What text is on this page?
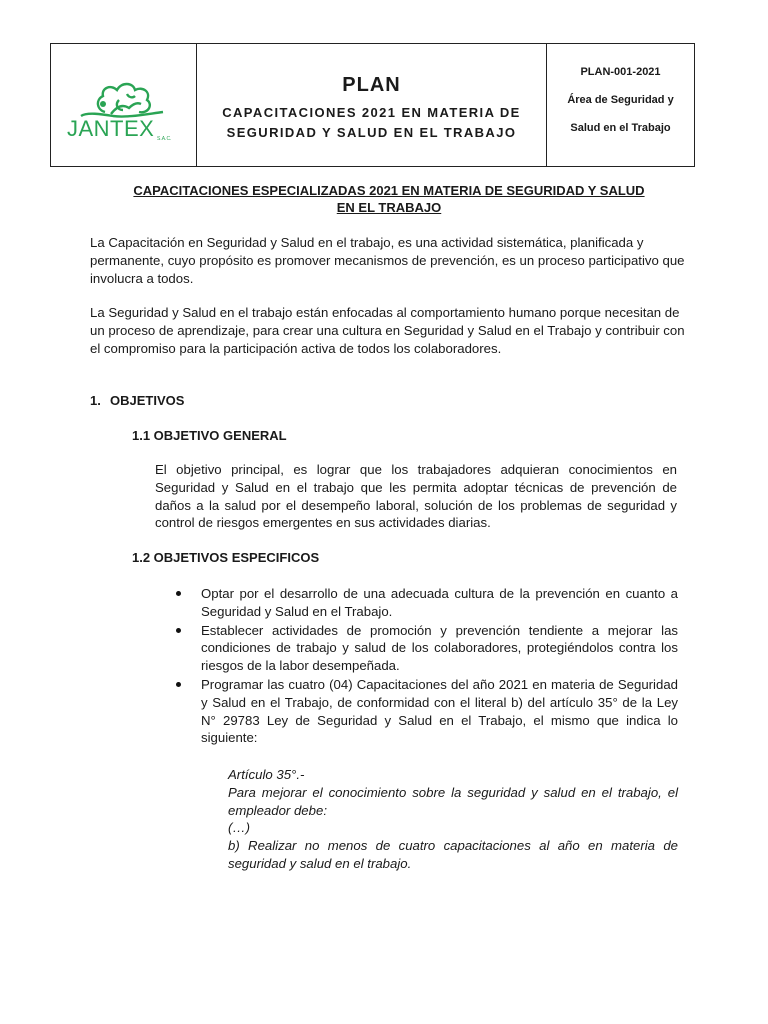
JANTEX S.A.C.
PLAN
CAPACITACIONES 2021 EN MATERIA DE
SEGURIDAD Y SALUD EN EL TRABAJO
PLAN-001-2021
Área de Seguridad y
Salud en el Trabajo
CAPACITACIONES ESPECIALIZADAS 2021 EN MATERIA DE SEGURIDAD Y SALUD
EN EL TRABAJO
La Capacitación en Seguridad y Salud en el trabajo, es una actividad sistemática, planificada y permanente, cuyo propósito es promover mecanismos de prevención, es un proceso participativo que involucra a todos.
La Seguridad y Salud en el trabajo están enfocadas al comportamiento humano porque necesitan de un proceso de aprendizaje, para crear una cultura en Seguridad y Salud en el Trabajo y contribuir con el compromiso para la participación activa de todos los colaboradores.
1. OBJETIVOS
1.1 OBJETIVO GENERAL
El objetivo principal, es lograr que los trabajadores adquieran conocimientos en Seguridad y Salud en el trabajo que les permita adoptar técnicas de prevención de daños a la salud por el desempeño laboral, solución de los problemas de seguridad y control de riesgos emergentes en sus actividades diarias.
1.2 OBJETIVOS ESPECIFICOS
Optar por el desarrollo de una adecuada cultura de la prevención en cuanto a Seguridad y Salud en el Trabajo.
Establecer actividades de promoción y prevención tendiente a mejorar las condiciones de trabajo y salud de los colaboradores, protegiéndolos contra los riesgos de la labor desempeñada.
Programar las cuatro (04) Capacitaciones del año 2021 en materia de Seguridad y Salud en el Trabajo, de conformidad con el literal b) del artículo 35° de la Ley N° 29783 Ley de Seguridad y Salud en el Trabajo, el mismo que indica lo siguiente:
Artículo 35°.-
Para mejorar el conocimiento sobre la seguridad y salud en el trabajo, el empleador debe:
(…)
b) Realizar no menos de cuatro capacitaciones al año en materia de seguridad y salud en el trabajo.
